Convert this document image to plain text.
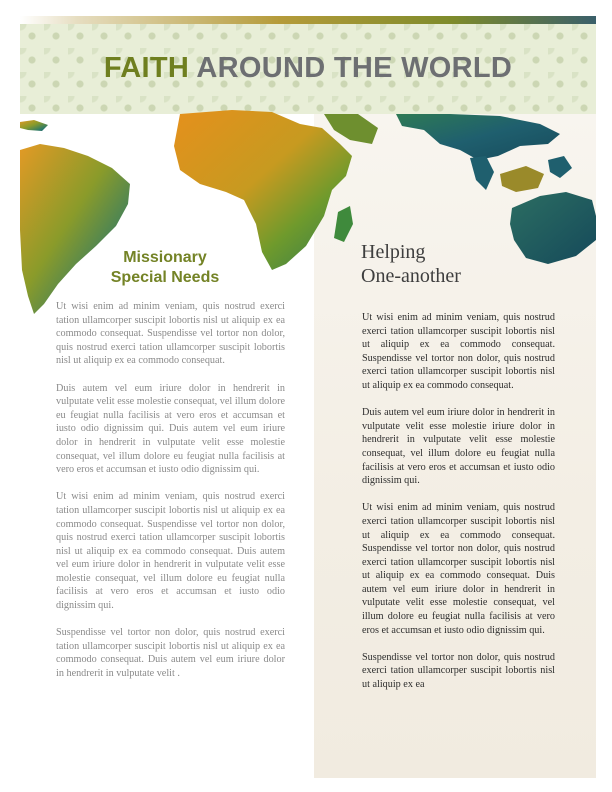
FAITH AROUND THE WORLD
Missionary
Special Needs
Helping
One-another

Ut wisi enim ad minim veniam, quis nostrud exerci tation ullamcorper suscipit lobortis nisl ut aliquip ex ea commodo consequat. Suspendisse vel tortor non dolor, quis nostrud exerci tation ullamcorper suscipit lobortis nisl ut aliquip ex ea commodo consequat.

Duis autem vel eum iriure dolor in hendrerit in vulputate velit esse molestie consequat, vel illum dolore eu feugiat nulla facilisis at vero eros et accumsan et iusto odio dignissim qui. Duis autem vel eum iriure dolor in hendrerit in vulputate velit esse molestie consequat, vel illum dolore eu feugiat nulla facilisis at vero eros et accumsan et iusto odio dignissim qui.

Ut wisi enim ad minim veniam, quis nostrud exerci tation ullamcorper suscipit lobortis nisl ut aliquip ex ea commodo consequat. Suspendisse vel tortor non dolor, quis nostrud exerci tation ullamcorper suscipit lobortis nisl ut aliquip ex ea commodo consequat. Duis autem vel eum iriure dolor in hendrerit in vulputate velit esse molestie consequat, vel illum dolore eu feugiat nulla facilisis at vero eros et accumsan et iusto odio dignissim qui.

Suspendisse vel tortor non dolor, quis nostrud exerci tation ullamcorper suscipit lobortis nisl ut aliquip ex ea commodo consequat. Duis autem vel eum iriure dolor in hendrerit in vulputate velit .

Ut wisi enim ad minim veniam, quis nostrud exerci tation ullamcorper suscipit lobortis nisl ut aliquip ex ea commodo consequat. Suspendisse vel tortor non dolor, quis nostrud exerci tation ullamcorper suscipit lobortis nisl ut aliquip ex ea commodo consequat.

Duis autem vel eum iriure dolor in hendrerit in vulputate velit esse molestie iriure dolor in hendrerit in vulputate velit esse molestie consequat, vel illum dolore eu feugiat nulla facilisis at vero eros et accumsan et iusto odio dignissim qui.

Ut wisi enim ad minim veniam, quis nostrud exerci tation ullamcorper suscipit lobortis nisl ut aliquip ex ea commodo consequat. Suspendisse vel tortor non dolor, quis nostrud exerci tation ullamcorper suscipit lobortis nisl ut aliquip ex ea commodo consequat. Duis autem vel eum iriure dolor in hendrerit in vulputate velit esse molestie consequat, vel illum dolore eu feugiat nulla facilisis at vero eros et accumsan et iusto odio dignissim qui.

Suspendisse vel tortor non dolor, quis nostrud exerci tation ullamcorper suscipit lobortis nisl ut aliquip ex ea
